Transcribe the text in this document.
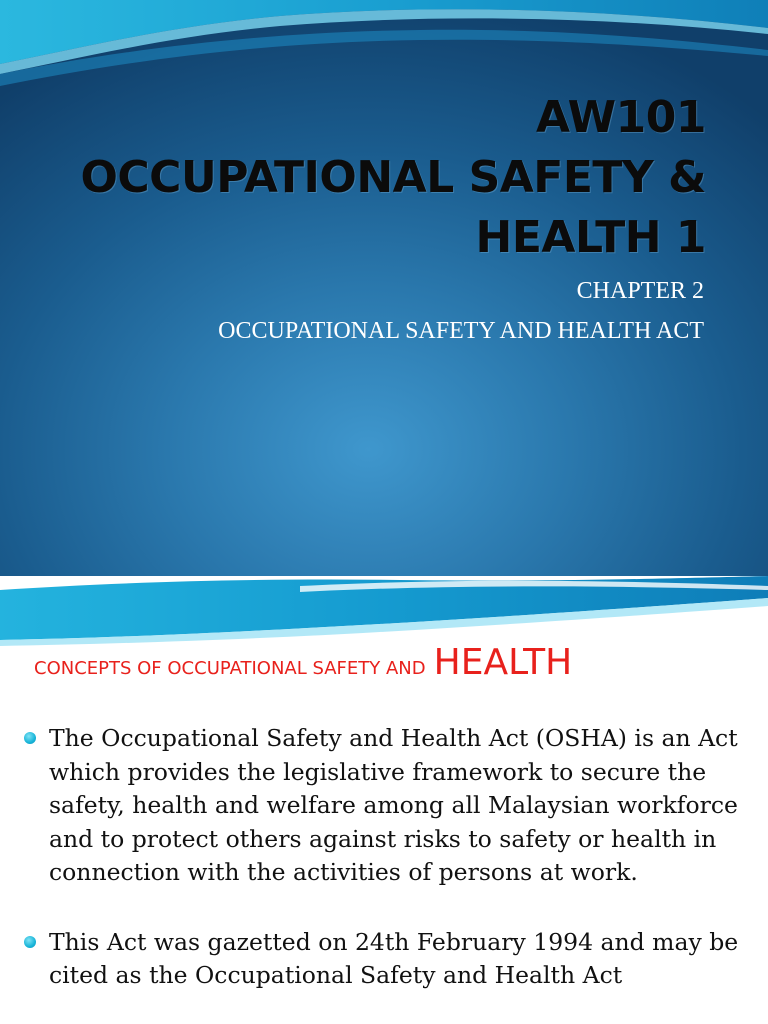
AW101
OCCUPATIONAL SAFETY &
HEALTH 1
CHAPTER 2
OCCUPATIONAL SAFETY AND HEALTH ACT
CONCEPTS OF OCCUPATIONAL SAFETY AND HEALTH
The Occupational Safety and Health Act (OSHA) is an Act which provides the legislative framework to secure the safety, health and welfare among all Malaysian workforce and to protect others against risks to safety or health in connection with the activities of persons at work.
This Act was gazetted on 24th February 1994 and may be cited as the Occupational Safety and Health Act
